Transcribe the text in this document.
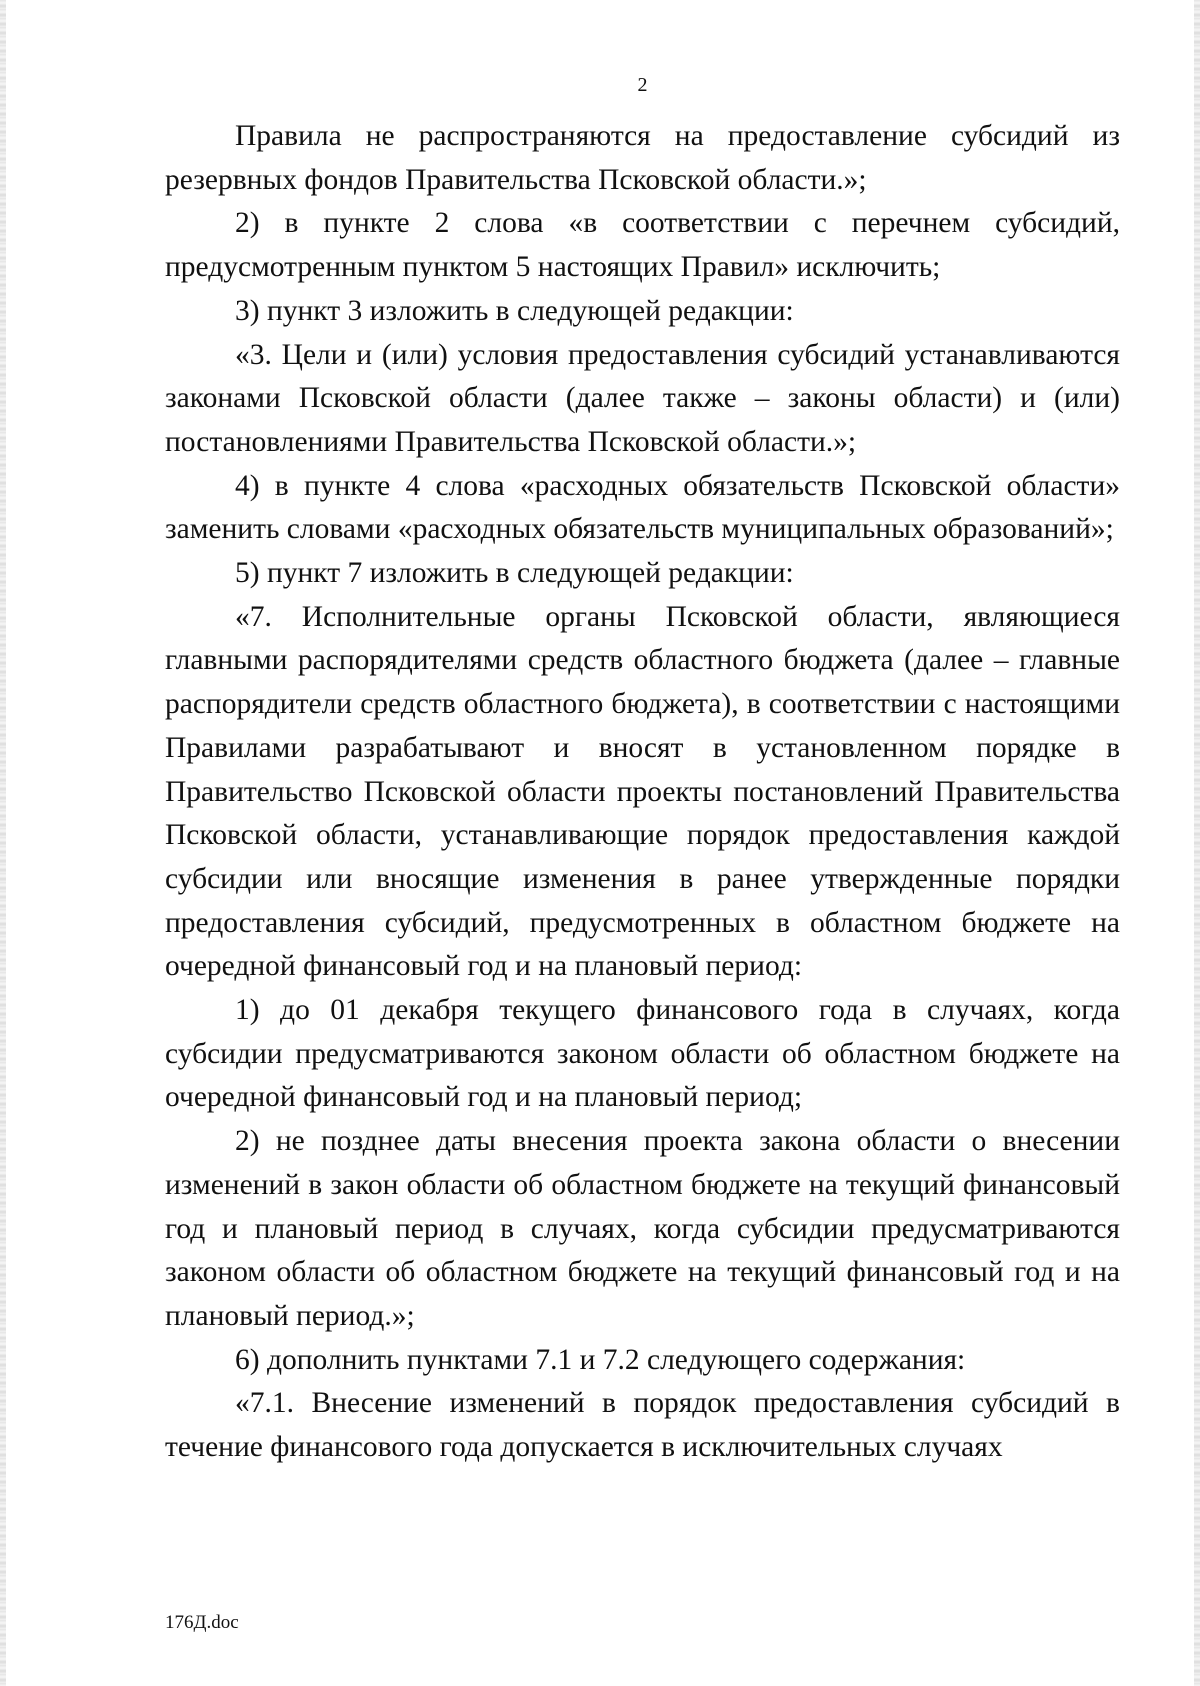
2

Правила не распространяются на предоставление субсидий из резервных фондов Правительства Псковской области.»;

2) в пункте 2 слова «в соответствии с перечнем субсидий, предусмотренным пунктом 5 настоящих Правил» исключить;

3) пункт 3 изложить в следующей редакции:

«3. Цели и (или) условия предоставления субсидий устанавливаются законами Псковской области (далее также – законы области) и (или) постановлениями Правительства Псковской области.»;

4) в пункте 4 слова «расходных обязательств Псковской области» заменить словами «расходных обязательств муниципальных образований»;

5) пункт 7 изложить в следующей редакции:

«7. Исполнительные органы Псковской области, являющиеся главными распорядителями средств областного бюджета (далее – главные распорядители средств областного бюджета), в соответствии с настоящими Правилами разрабатывают и вносят в установленном порядке в Правительство Псковской области проекты постановлений Правительства Псковской области, устанавливающие порядок предоставления каждой субсидии или вносящие изменения в ранее утвержденные порядки предоставления субсидий, предусмотренных в областном бюджете на очередной финансовый год и на плановый период:

1) до 01 декабря текущего финансового года в случаях, когда субсидии предусматриваются законом области об областном бюджете на очередной финансовый год и на плановый период;

2) не позднее даты внесения проекта закона области о внесении изменений в закон области об областном бюджете на текущий финансовый год и плановый период в случаях, когда субсидии предусматриваются законом области об областном бюджете на текущий финансовый год и на плановый период.»;

6) дополнить пунктами 7.1 и 7.2 следующего содержания:

«7.1. Внесение изменений в порядок предоставления субсидий в течение финансового года допускается в исключительных случаях

176Д.doc
